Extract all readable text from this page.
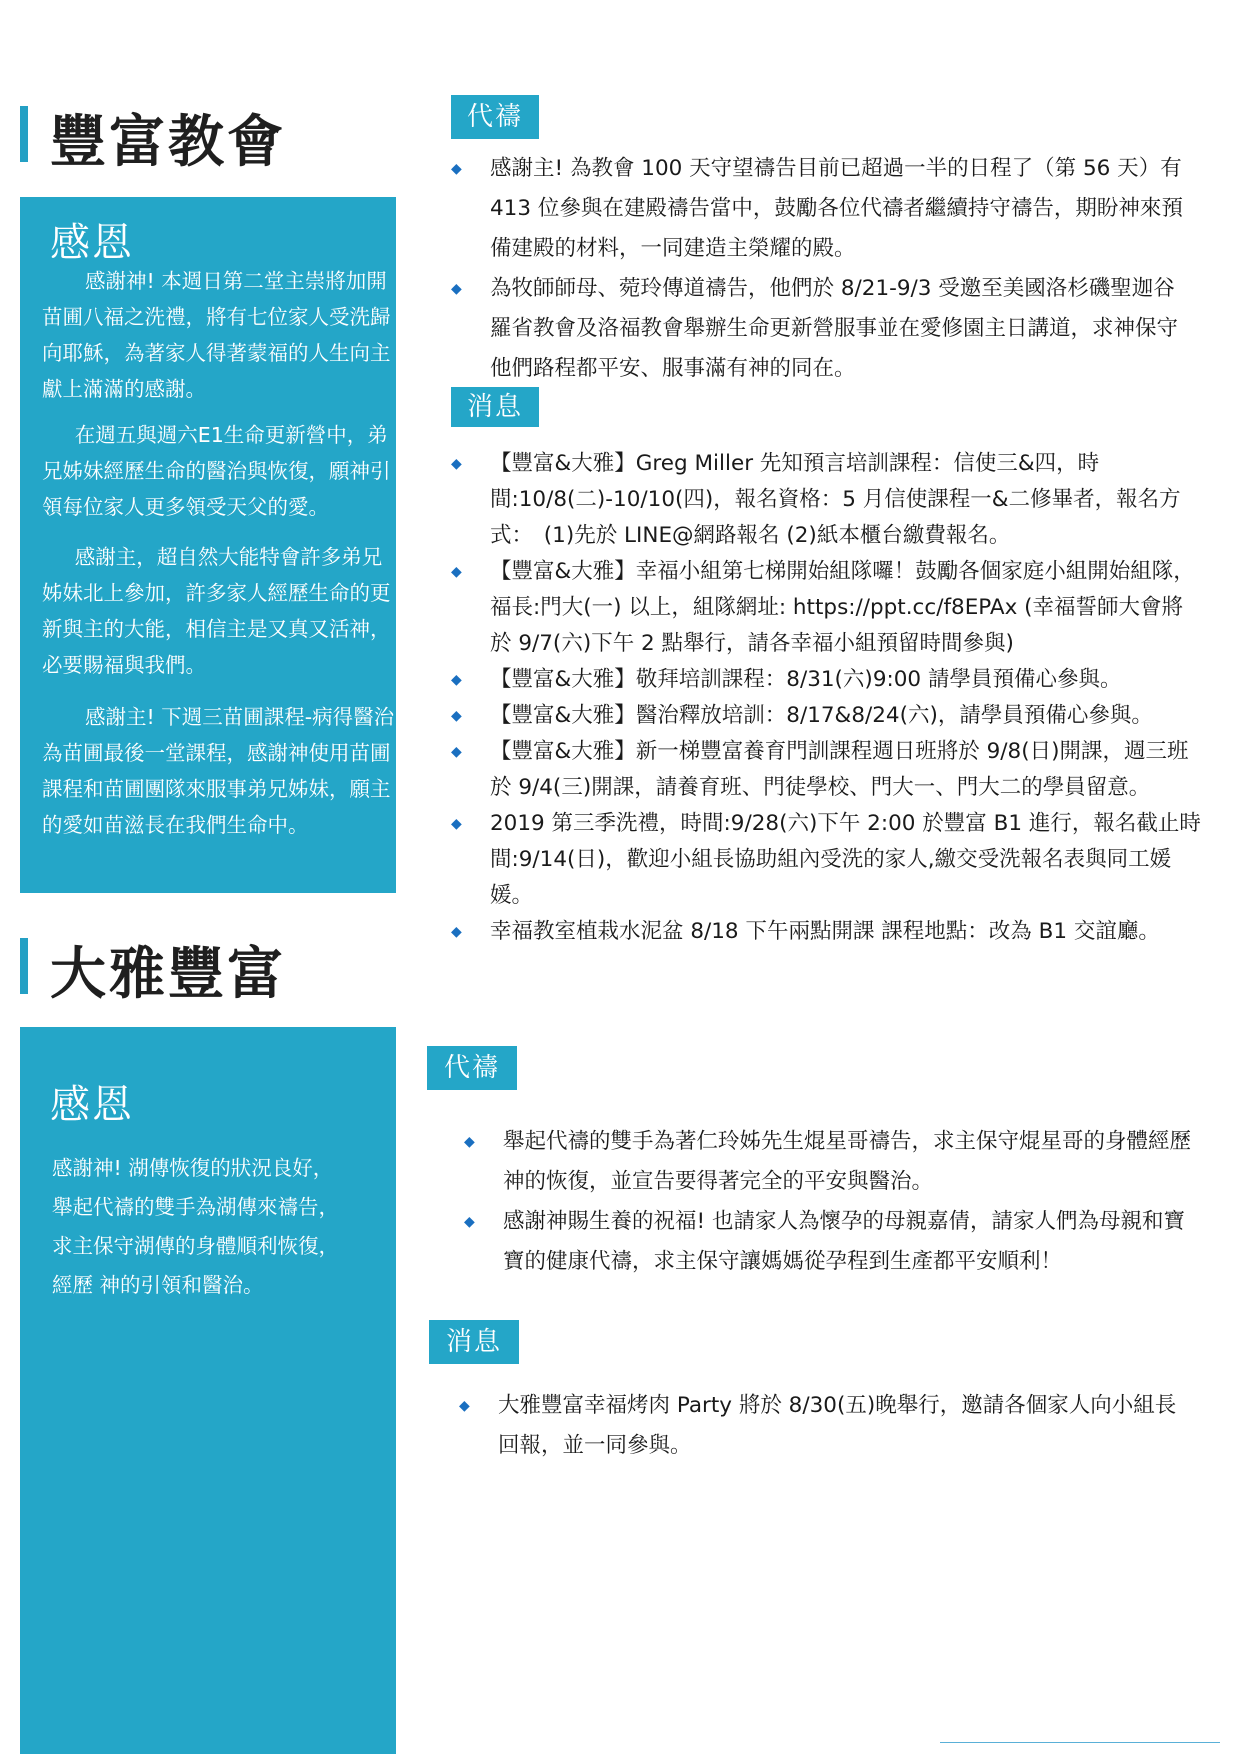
豐富教會
感恩

感謝神! 本週日第二堂主崇將加開苗圃八福之洗禮，將有七位家人受洗歸向耶穌，為著家人得著蒙福的人生向主獻上滿滿的感謝。

在週五與週六E1生命更新營中，弟兄姊妹經歷生命的醫治與恢復，願神引領每位家人更多領受天父的愛。

感謝主，超自然大能特會許多弟兄姊妹北上參加，許多家人經歷生命的更新與主的大能，相信主是又真又活神，必要賜福與我們。

感謝主! 下週三苗圃課程-病得醫治為苗圃最後一堂課程，感謝神使用苗圃課程和苗圃團隊來服事弟兄姊妹，願主的愛如苗滋長在我們生命中。

代禱
◆ 感謝主! 為教會 100 天守望禱告目前已超過一半的日程了（第 56 天）有 413 位參與在建殿禱告當中，鼓勵各位代禱者繼續持守禱告，期盼神來預備建殿的材料，一同建造主榮耀的殿。
◆ 為牧師師母、菀玲傳道禱告，他們於 8/21-9/3 受邀至美國洛杉磯聖迦谷羅省教會及洛福教會舉辦生命更新營服事並在愛修園主日講道，求神保守他們路程都平安、服事滿有神的同在。
消息
◆ 【豐富&大雅】Greg Miller 先知預言培訓課程：信使三&四，時間:10/8(二)-10/10(四)，報名資格：5 月信使課程一&二修畢者，報名方式：　(1)先於 LINE@網路報名 (2)紙本櫃台繳費報名。
◆ 【豐富&大雅】幸福小組第七梯開始組隊囉！鼓勵各個家庭小組開始組隊，福長:門大(一) 以上，組隊網址: https://ppt.cc/f8EPAx (幸福誓師大會將於 9/7(六)下午 2 點舉行，請各幸福小組預留時間參與)
◆ 【豐富&大雅】敬拜培訓課程：8/31(六)9:00 請學員預備心參與。
◆ 【豐富&大雅】醫治釋放培訓：8/17&8/24(六)，請學員預備心參與。
◆ 【豐富&大雅】新一梯豐富養育門訓課程週日班將於 9/8(日)開課，週三班於 9/4(三)開課，請養育班、門徒學校、門大一、門大二的學員留意。
◆ 2019 第三季洗禮，時間:9/28(六)下午 2:00 於豐富 B1 進行，報名截止時 間:9/14(日)，歡迎小組長協助組內受洗的家人,繳交受洗報名表與同工媛媛。
◆ 幸福教室植栽水泥盆 8/18 下午兩點開課 課程地點：改為 B1 交誼廳。
大雅豐富
感恩

感謝神! 湖傳恢復的狀況良好，舉起代禱的雙手為湖傳來禱告，求主保守湖傳的身體順利恢復，經歷 神的引領和醫治。

代禱
◆ 舉起代禱的雙手為著仁玲姊先生焜星哥禱告，求主保守焜星哥的身體經歷神的恢復，並宣告要得著完全的平安與醫治。
◆ 感謝神賜生養的祝福! 也請家人為懷孕的母親嘉倩，請家人們為母親和寶寶的健康代禱，求主保守讓媽媽從孕程到生產都平安順利！
消息
◆ 大雅豐富幸福烤肉 Party 將於 8/30(五)晚舉行，邀請各個家人向小組長回報，並一同參與。
